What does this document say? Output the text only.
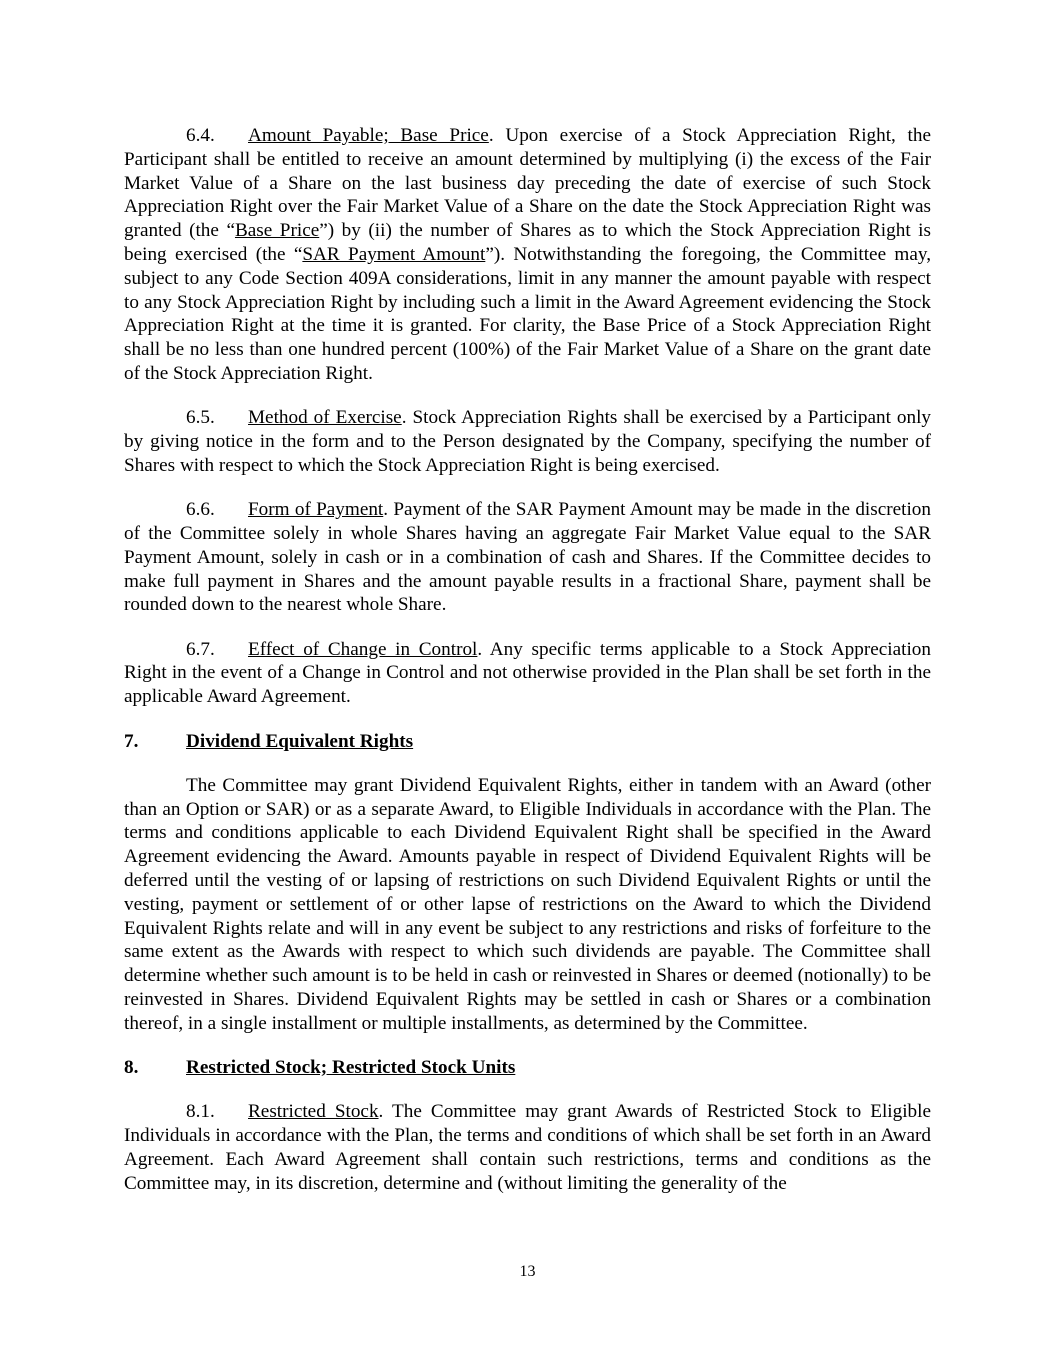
6.4. Amount Payable; Base Price. Upon exercise of a Stock Appreciation Right, the Participant shall be entitled to receive an amount determined by multiplying (i) the excess of the Fair Market Value of a Share on the last business day preceding the date of exercise of such Stock Appreciation Right over the Fair Market Value of a Share on the date the Stock Appreciation Right was granted (the “Base Price”) by (ii) the number of Shares as to which the Stock Appreciation Right is being exercised (the “SAR Payment Amount”). Notwithstanding the foregoing, the Committee may, subject to any Code Section 409A considerations, limit in any manner the amount payable with respect to any Stock Appreciation Right by including such a limit in the Award Agreement evidencing the Stock Appreciation Right at the time it is granted. For clarity, the Base Price of a Stock Appreciation Right shall be no less than one hundred percent (100%) of the Fair Market Value of a Share on the grant date of the Stock Appreciation Right.

6.5. Method of Exercise. Stock Appreciation Rights shall be exercised by a Participant only by giving notice in the form and to the Person designated by the Company, specifying the number of Shares with respect to which the Stock Appreciation Right is being exercised.

6.6. Form of Payment. Payment of the SAR Payment Amount may be made in the discretion of the Committee solely in whole Shares having an aggregate Fair Market Value equal to the SAR Payment Amount, solely in cash or in a combination of cash and Shares. If the Committee decides to make full payment in Shares and the amount payable results in a fractional Share, payment shall be rounded down to the nearest whole Share.

6.7. Effect of Change in Control. Any specific terms applicable to a Stock Appreciation Right in the event of a Change in Control and not otherwise provided in the Plan shall be set forth in the applicable Award Agreement.

7. Dividend Equivalent Rights

The Committee may grant Dividend Equivalent Rights, either in tandem with an Award (other than an Option or SAR) or as a separate Award, to Eligible Individuals in accordance with the Plan. The terms and conditions applicable to each Dividend Equivalent Right shall be specified in the Award Agreement evidencing the Award. Amounts payable in respect of Dividend Equivalent Rights will be deferred until the vesting of or lapsing of restrictions on such Dividend Equivalent Rights or until the vesting, payment or settlement of or other lapse of restrictions on the Award to which the Dividend Equivalent Rights relate and will in any event be subject to any restrictions and risks of forfeiture to the same extent as the Awards with respect to which such dividends are payable. The Committee shall determine whether such amount is to be held in cash or reinvested in Shares or deemed (notionally) to be reinvested in Shares. Dividend Equivalent Rights may be settled in cash or Shares or a combination thereof, in a single installment or multiple installments, as determined by the Committee.

8. Restricted Stock; Restricted Stock Units

8.1. Restricted Stock. The Committee may grant Awards of Restricted Stock to Eligible Individuals in accordance with the Plan, the terms and conditions of which shall be set forth in an Award Agreement. Each Award Agreement shall contain such restrictions, terms and conditions as the Committee may, in its discretion, determine and (without limiting the generality of the

13
